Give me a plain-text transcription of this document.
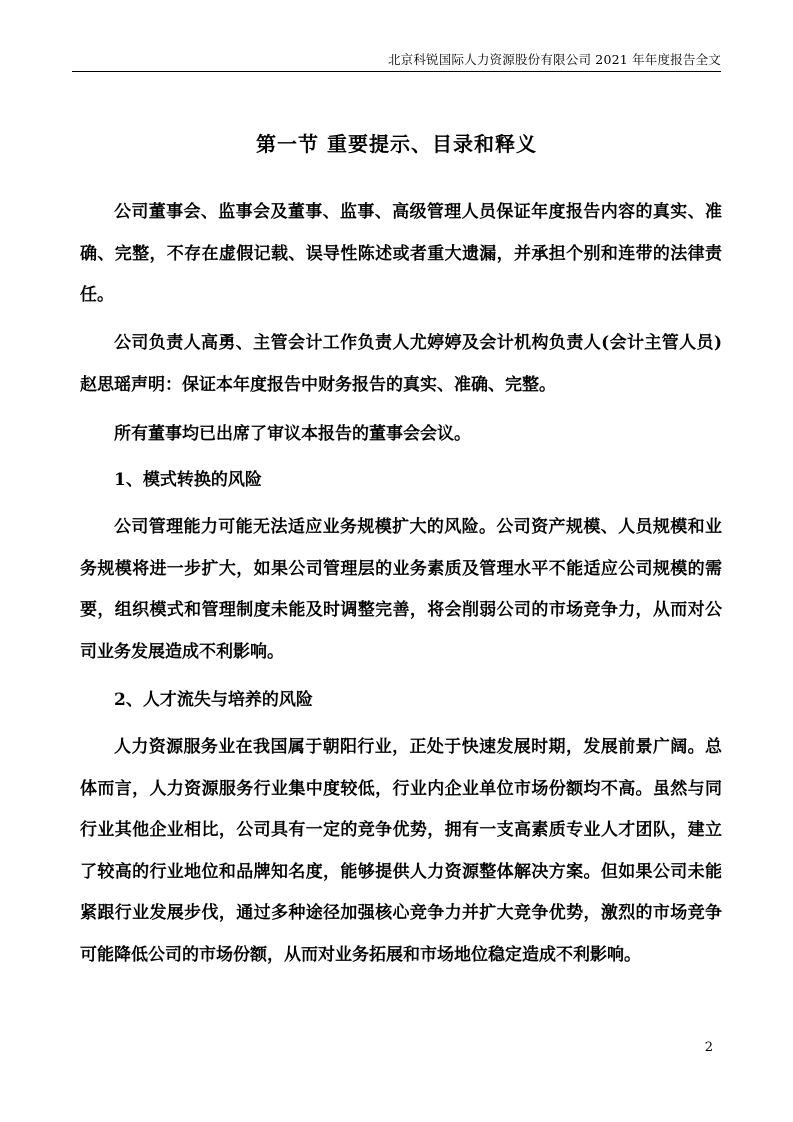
北京科锐国际人力资源股份有限公司 2021 年年度报告全文
第一节 重要提示、目录和释义

公司董事会、监事会及董事、监事、高级管理人员保证年度报告内容的真实、准确、完整，不存在虚假记载、误导性陈述或者重大遗漏，并承担个别和连带的法律责任。

公司负责人高勇、主管会计工作负责人尤婷婷及会计机构负责人(会计主管人员)赵思瑶声明：保证本年度报告中财务报告的真实、准确、完整。

所有董事均已出席了审议本报告的董事会会议。

1、模式转换的风险

公司管理能力可能无法适应业务规模扩大的风险。公司资产规模、人员规模和业务规模将进一步扩大，如果公司管理层的业务素质及管理水平不能适应公司规模的需要，组织模式和管理制度未能及时调整完善，将会削弱公司的市场竞争力，从而对公司业务发展造成不利影响。

2、人才流失与培养的风险

人力资源服务业在我国属于朝阳行业，正处于快速发展时期，发展前景广阔。总体而言，人力资源服务行业集中度较低，行业内企业单位市场份额均不高。虽然与同行业其他企业相比，公司具有一定的竞争优势，拥有一支高素质专业人才团队，建立了较高的行业地位和品牌知名度，能够提供人力资源整体解决方案。但如果公司未能紧跟行业发展步伐，通过多种途径加强核心竞争力并扩大竞争优势，激烈的市场竞争可能降低公司的市场份额，从而对业务拓展和市场地位稳定造成不利影响。

2
